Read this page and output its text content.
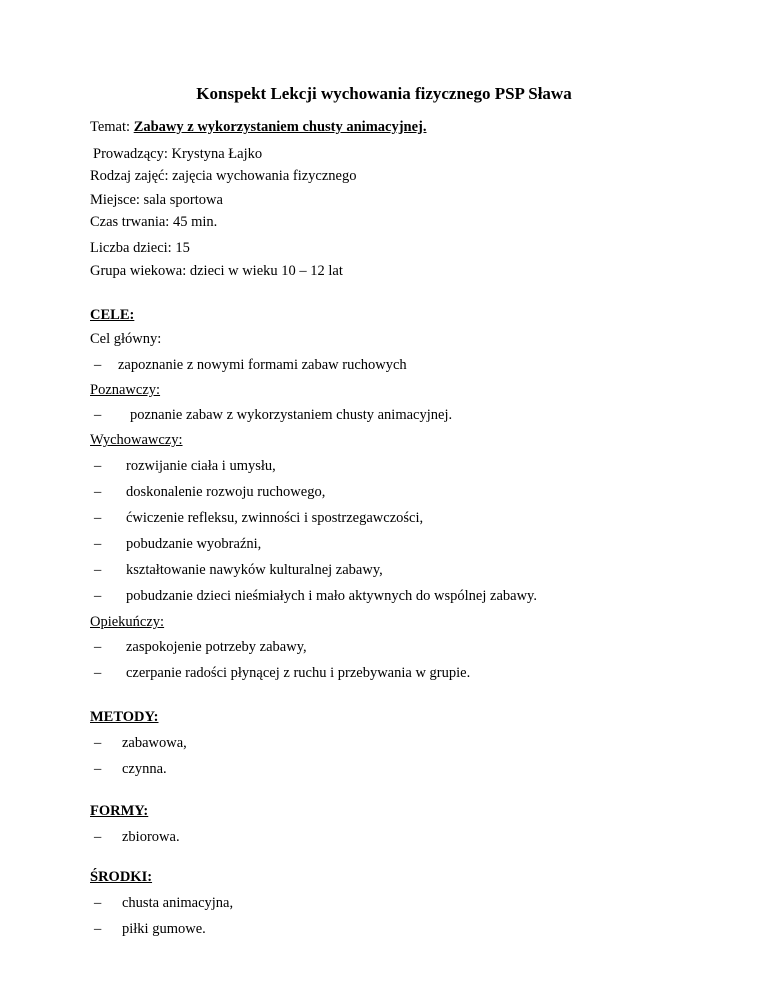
Konspekt Lekcji wychowania fizycznego PSP Sława
Temat: Zabawy z wykorzystaniem chusty animacyjnej.
Prowadzący: Krystyna Łajko
Rodzaj zajęć: zajęcia wychowania fizycznego
Miejsce: sala sportowa
Czas trwania: 45 min.
Liczba dzieci: 15
Grupa wiekowa: dzieci w wieku 10 – 12 lat
CELE:
Cel główny:
– zapoznanie z nowymi formami zabaw ruchowych
Poznawczy:
– poznanie zabaw z wykorzystaniem chusty animacyjnej.
Wychowawczy:
– rozwijanie ciała i umysłu,
– doskonalenie rozwoju ruchowego,
– ćwiczenie refleksu, zwinności i spostrzegawczości,
– pobudzanie wyobraźni,
– kształtowanie nawyków kulturalnej zabawy,
– pobudzanie dzieci nieśmiałych i mało aktywnych do wspólnej zabawy.
Opiekuńczy:
– zaspokojenie potrzeby zabawy,
– czerpanie radości płynącej z ruchu i przebywania w grupie.
METODY:
– zabawowa,
– czynna.
FORMY:
– zbiorowa.
ŚRODKI:
– chusta animacyjna,
– piłki gumowe.
